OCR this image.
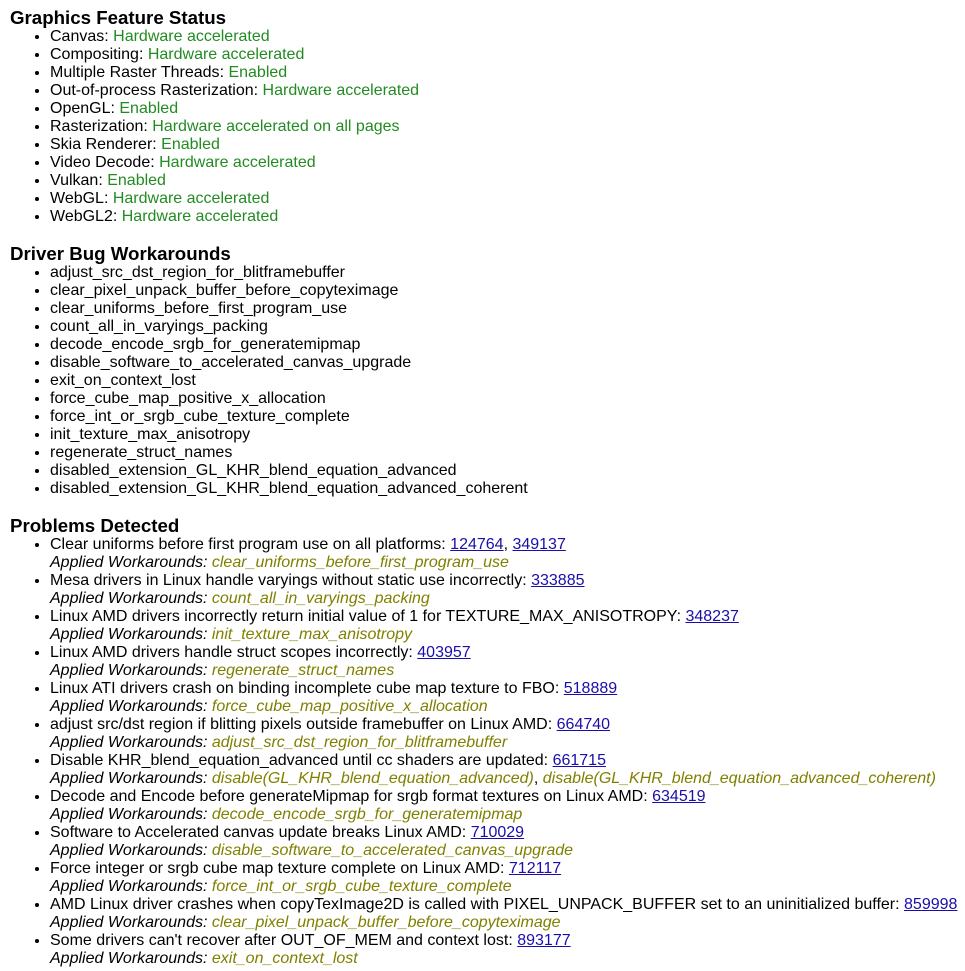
Graphics Feature Status
• Canvas: Hardware accelerated
• Compositing: Hardware accelerated
• Multiple Raster Threads: Enabled
• Out-of-process Rasterization: Hardware accelerated
• OpenGL: Enabled
• Rasterization: Hardware accelerated on all pages
• Skia Renderer: Enabled
• Video Decode: Hardware accelerated
• Vulkan: Enabled
• WebGL: Hardware accelerated
• WebGL2: Hardware accelerated
Driver Bug Workarounds
• adjust_src_dst_region_for_blitframebuffer
• clear_pixel_unpack_buffer_before_copyteximage
• clear_uniforms_before_first_program_use
• count_all_in_varyings_packing
• decode_encode_srgb_for_generatemipmap
• disable_software_to_accelerated_canvas_upgrade
• exit_on_context_lost
• force_cube_map_positive_x_allocation
• force_int_or_srgb_cube_texture_complete
• init_texture_max_anisotropy
• regenerate_struct_names
• disabled_extension_GL_KHR_blend_equation_advanced
• disabled_extension_GL_KHR_blend_equation_advanced_coherent
Problems Detected
• Clear uniforms before first program use on all platforms: 124764, 349137
Applied Workarounds: clear_uniforms_before_first_program_use
• Mesa drivers in Linux handle varyings without static use incorrectly: 333885
Applied Workarounds: count_all_in_varyings_packing
• Linux AMD drivers incorrectly return initial value of 1 for TEXTURE_MAX_ANISOTROPY: 348237
Applied Workarounds: init_texture_max_anisotropy
• Linux AMD drivers handle struct scopes incorrectly: 403957
Applied Workarounds: regenerate_struct_names
• Linux ATI drivers crash on binding incomplete cube map texture to FBO: 518889
Applied Workarounds: force_cube_map_positive_x_allocation
• adjust src/dst region if blitting pixels outside framebuffer on Linux AMD: 664740
Applied Workarounds: adjust_src_dst_region_for_blitframebuffer
• Disable KHR_blend_equation_advanced until cc shaders are updated: 661715
Applied Workarounds: disable(GL_KHR_blend_equation_advanced), disable(GL_KHR_blend_equation_advanced_coherent)
• Decode and Encode before generateMipmap for srgb format textures on Linux AMD: 634519
Applied Workarounds: decode_encode_srgb_for_generatemipmap
• Software to Accelerated canvas update breaks Linux AMD: 710029
Applied Workarounds: disable_software_to_accelerated_canvas_upgrade
• Force integer or srgb cube map texture complete on Linux AMD: 712117
Applied Workarounds: force_int_or_srgb_cube_texture_complete
• AMD Linux driver crashes when copyTexImage2D is called with PIXEL_UNPACK_BUFFER set to an uninitialized buffer: 859998
Applied Workarounds: clear_pixel_unpack_buffer_before_copyteximage
• Some drivers can't recover after OUT_OF_MEM and context lost: 893177
Applied Workarounds: exit_on_context_lost
